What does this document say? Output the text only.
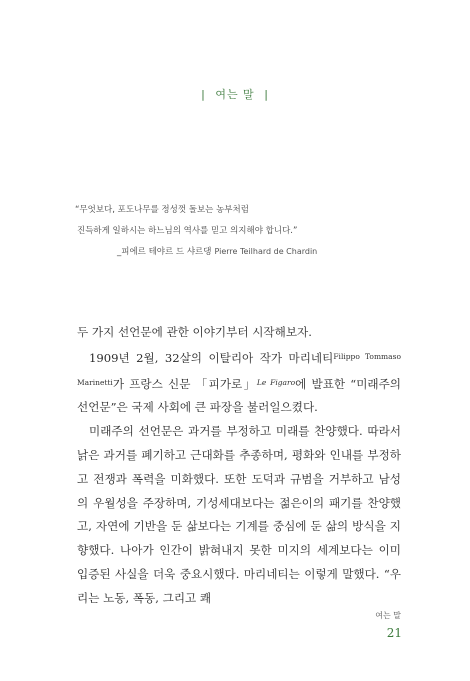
| 여는 말 |

“무엇보다, 포도나무를 정성껏 돌보는 농부처럼

진득하게 일하시는 하느님의 역사를 믿고 의지해야 합니다.”

_피에르 테야르 드 샤르댕 Pierre Teilhard de Chardin

두 가지 선언문에 관한 이야기부터 시작해보자.

1909년 2월, 32살의 이탈리아 작가 마리네티$^{Filippo Tommaso Marinetti}$가 프랑스 신문 「피가로」$^{Le Figaro}$에 발표한 “미래주의 선언문”은 국제 사회에 큰 파장을 불러일으켰다.

미래주의 선언문은 과거를 부정하고 미래를 찬양했다. 따라서 낡은 과거를 폐기하고 근대화를 추종하며, 평화와 인내를 부정하고 전쟁과 폭력을 미화했다. 또한 도덕과 규범을 거부하고 남성의 우월성을 주장하며, 기성세대보다는 젊은이의 패기를 찬양했고, 자연에 기반을 둔 삶보다는 기계를 중심에 둔 삶의 방식을 지향했다. 나아가 인간이 밝혀내지 못한 미지의 세계보다는 이미 입증된 사실을 더욱 중요시했다. 마리네티는 이렇게 말했다. “우리는 노동, 폭동, 그리고 쾌

여는 말
21
